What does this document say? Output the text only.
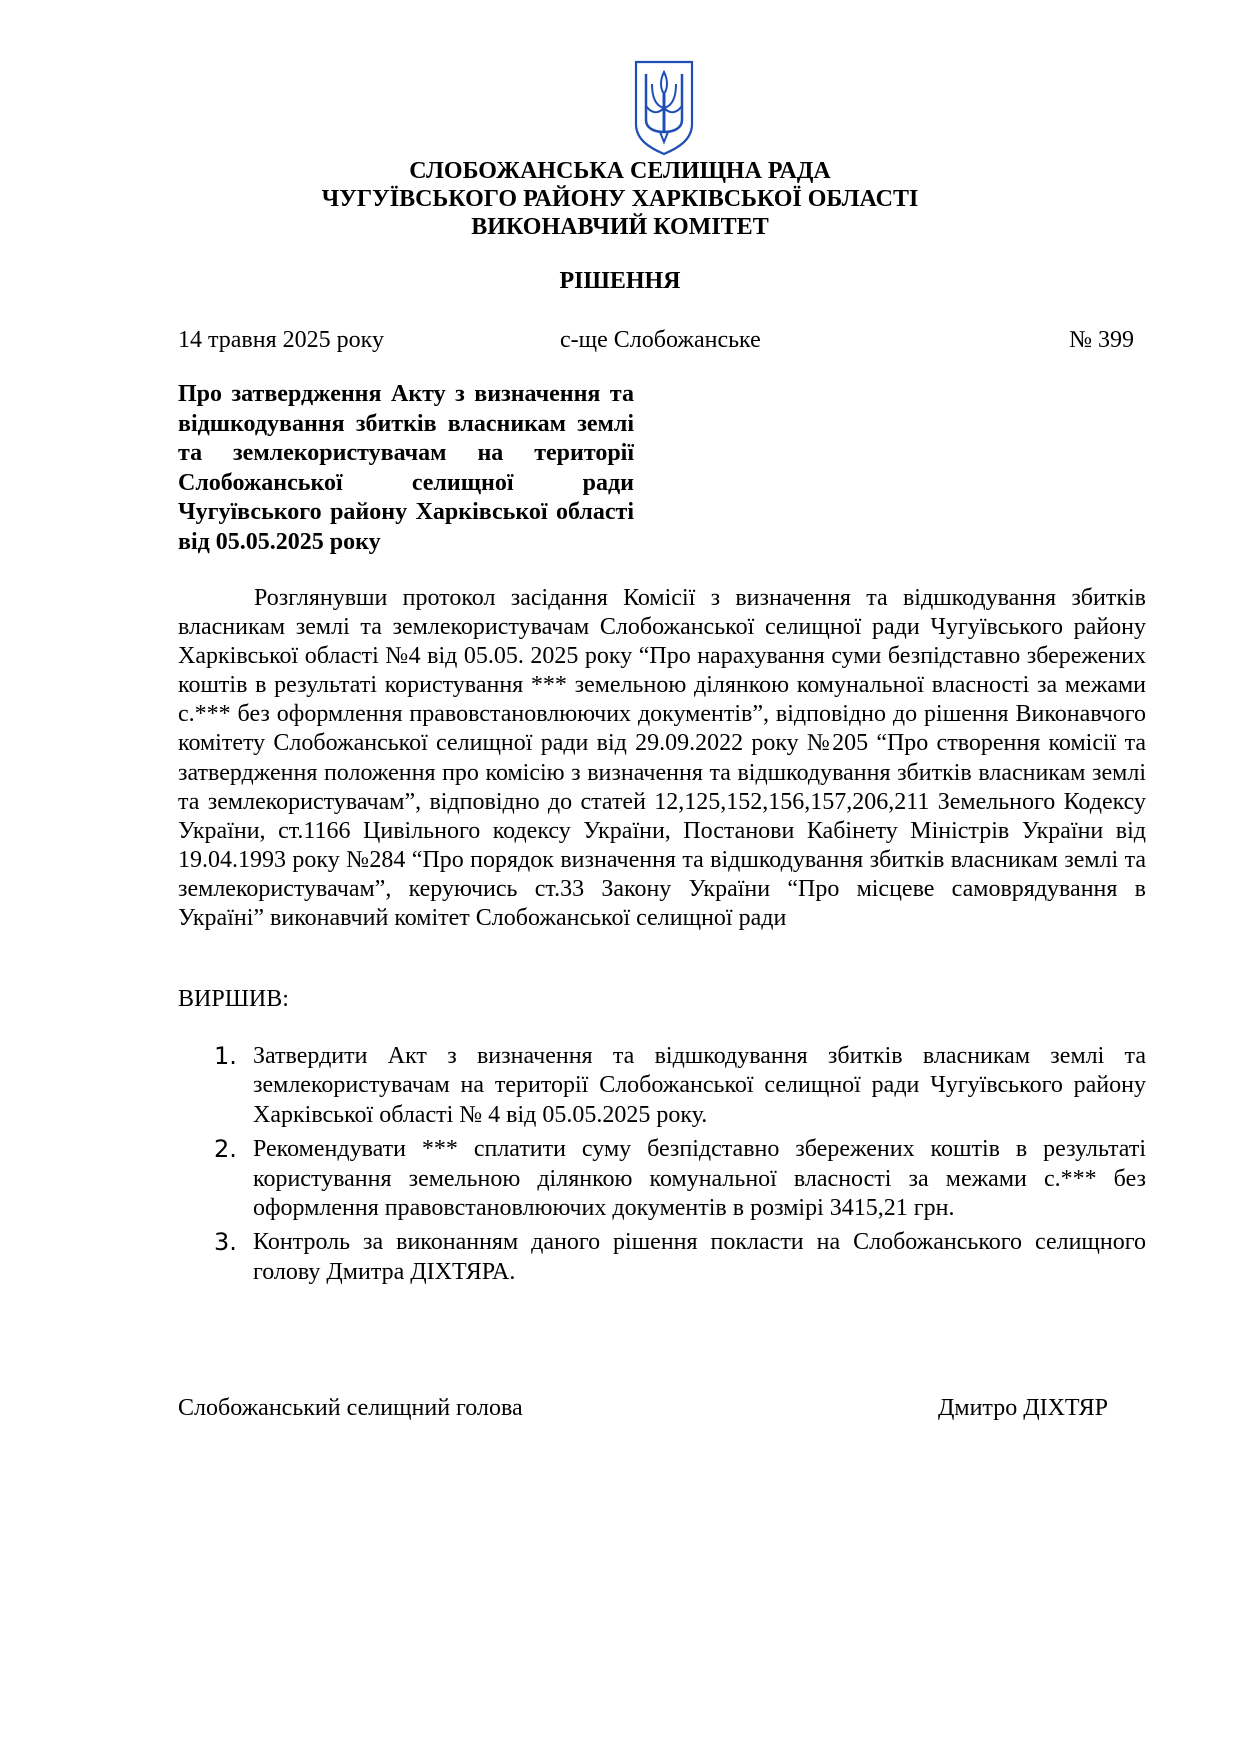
СЛОБОЖАНСЬКА СЕЛИЩНА РАДА
ЧУГУЇВСЬКОГО РАЙОНУ ХАРКІВСЬКОЇ ОБЛАСТІ
ВИКОНАВЧИЙ КОМІТЕТ
РІШЕННЯ
14 травня 2025 року	с-ще Слобожанське	№ 399
Про затвердження Акту з визначення та відшкодування збитків власникам землі та землекористувачам на території Слобожанської селищної ради Чугуївського району Харківської області від 05.05.2025 року

Розглянувши протокол засідання Комісії з визначення та відшкодування збитків власникам землі та землекористувачам Слобожанської селищної ради Чугуївського району Харківської області №4 від 05.05. 2025 року “Про нарахування суми безпідставно збережених коштів в результаті користування *** земельною ділянкою комунальної власності за межами с.*** без оформлення правовстановлюючих документів”, відповідно до рішення Виконавчого комітету Слобожанської селищної ради від 29.09.2022 року №205 “Про створення комісії та затвердження положення про комісію з визначення та відшкодування збитків власникам землі та землекористувачам”, відповідно до статей 12,125,152,156,157,206,211 Земельного Кодексу України, ст.1166 Цивільного кодексу України, Постанови Кабінету Міністрів України від 19.04.1993 року №284 “Про порядок визначення та відшкодування збитків власникам землі та землекористувачам”, керуючись ст.33 Закону України “Про місцеве самоврядування в Україні” виконавчий комітет Слобожанської селищної ради

ВИРШИВ:
1. Затвердити Акт з визначення та відшкодування збитків власникам землі та землекористувачам на території Слобожанської селищної ради Чугуївського району Харківської області № 4 від 05.05.2025 року.
2. Рекомендувати *** сплатити суму безпідставно збережених коштів в результаті користування земельною ділянкою комунальної власності за межами с.*** без оформлення правовстановлюючих документів в розмірі 3415,21 грн.
3. Контроль за виконанням даного рішення покласти на Слобожанського селищного голову Дмитра ДІХТЯРА.
Слобожанський селищний голова	Дмитро ДІХТЯР
